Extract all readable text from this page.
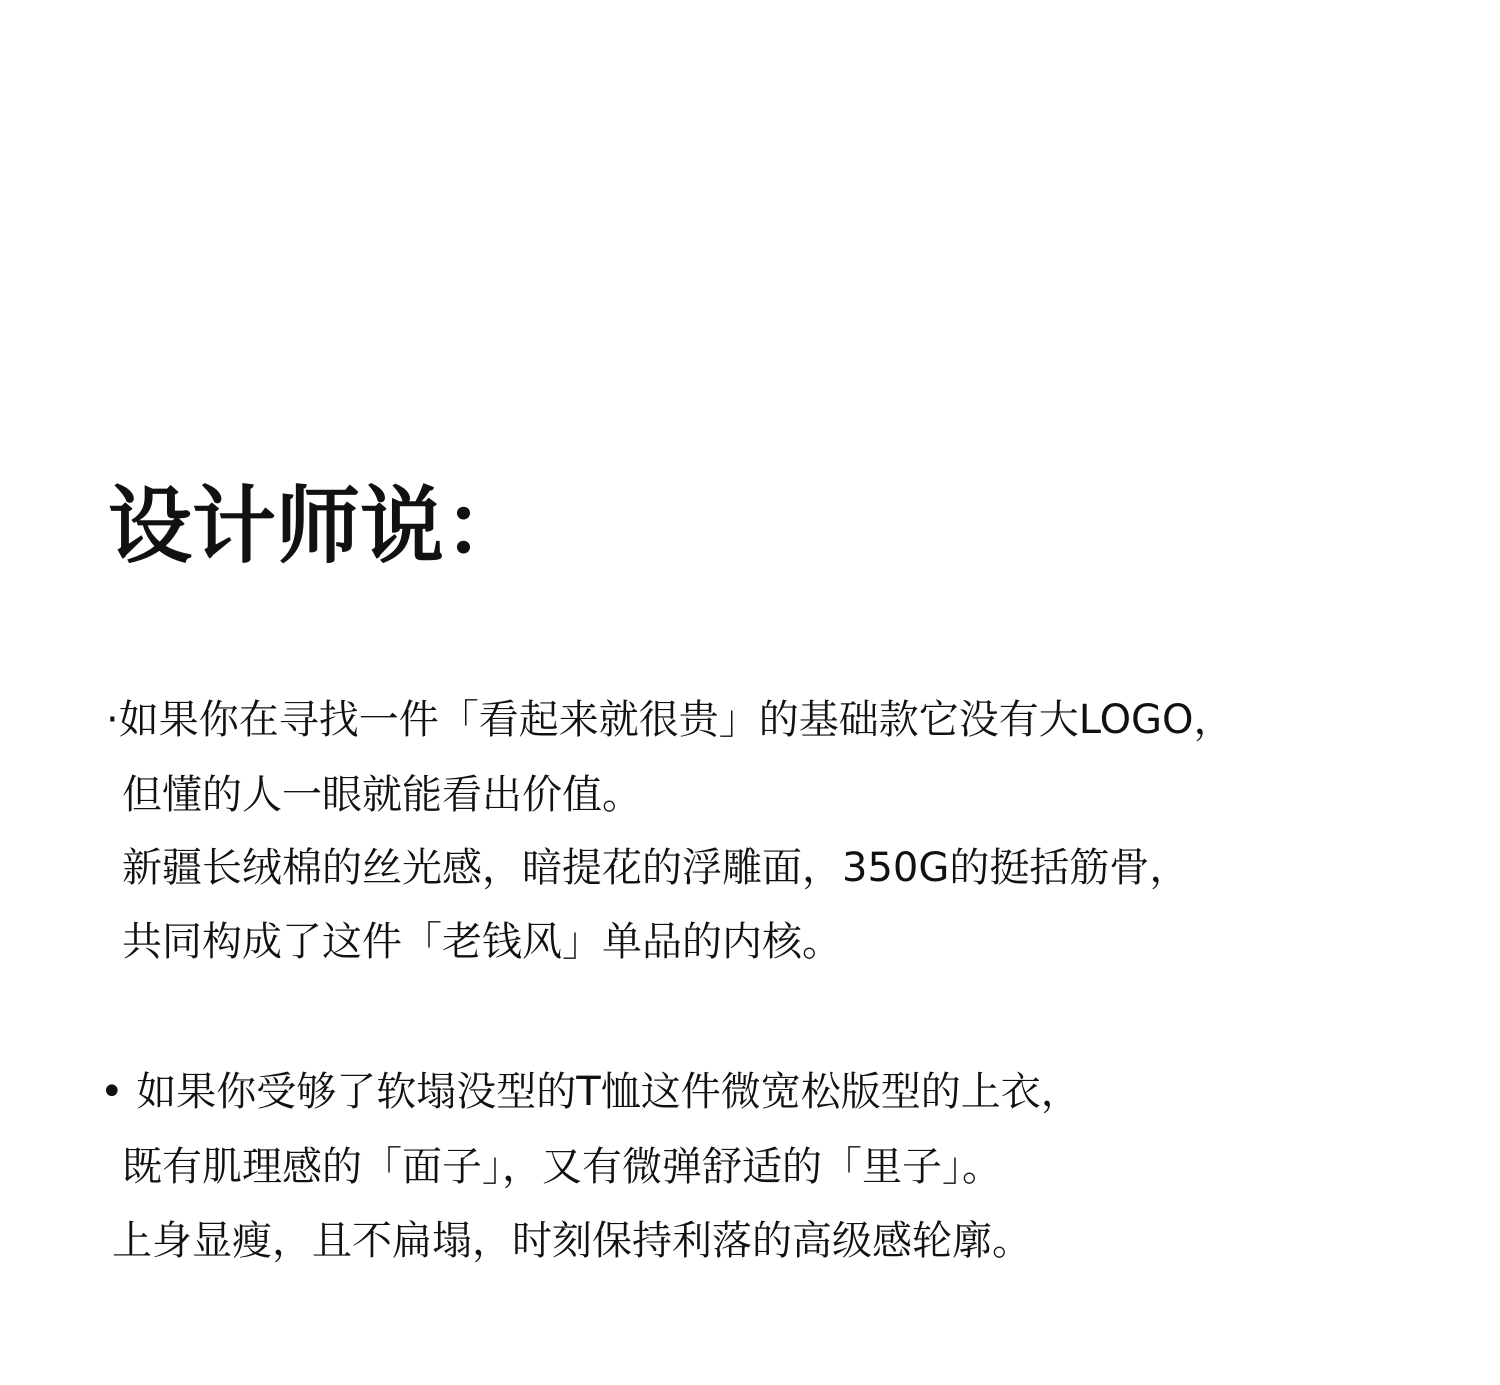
设计师说：
·如果你在寻找一件「看起来就很贵」的基础款它没有大LOGO，
但懂的人一眼就能看出价值。
新疆长绒棉的丝光感，暗提花的浮雕面，350G的挺括筋骨，
共同构成了这件「老钱风」单品的内核。
• 如果你受够了软塌没型的T恤这件微宽松版型的上衣，
既有肌理感的「面子」，又有微弹舒适的「里子」。
上身显瘦，且不扁塌，时刻保持利落的高级感轮廓。
